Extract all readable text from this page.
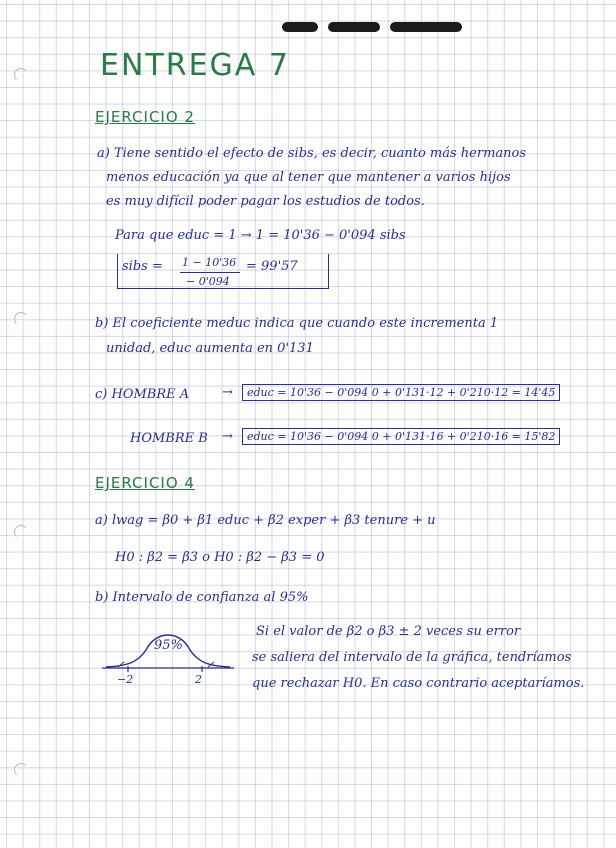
ENTREGA 7
EJERCICIO 2
a) Tiene sentido el efecto de sibs, es decir, cuanto más hermanos
menos educación ya que al tener que mantener a varios hijos
es muy difícil poder pagar los estudios de todos.
Para que educ = 1 → 1 = 10'36 − 0'094 sibs
sibs = 1 − 10'36
− 0'094
= 99'57
b) El coeficiente meduc indica que cuando este incrementa 1
unidad, educ aumenta en 0'131
c) HOMBRE A	→	educ = 10'36 − 0'094 0 + 0'131·12 + 0'210·12 = 14'45
HOMBRE B →	educ = 10'36 − 0'094 0 + 0'131·16 + 0'210·16 = 15'82
EJERCICIO 4
a) lwag = β0 + β1 educ + β2 exper + β3 tenure + u
H0 : β2 = β3 o H0 : β2 − β3 = 0
b) Intervalo de confianza al 95%
95%
−2	2
Si el valor de β2 o β3 ± 2 veces su error
se saliera del intervalo de la gráfica, tendríamos
que rechazar H0. En caso contrario aceptaríamos.
